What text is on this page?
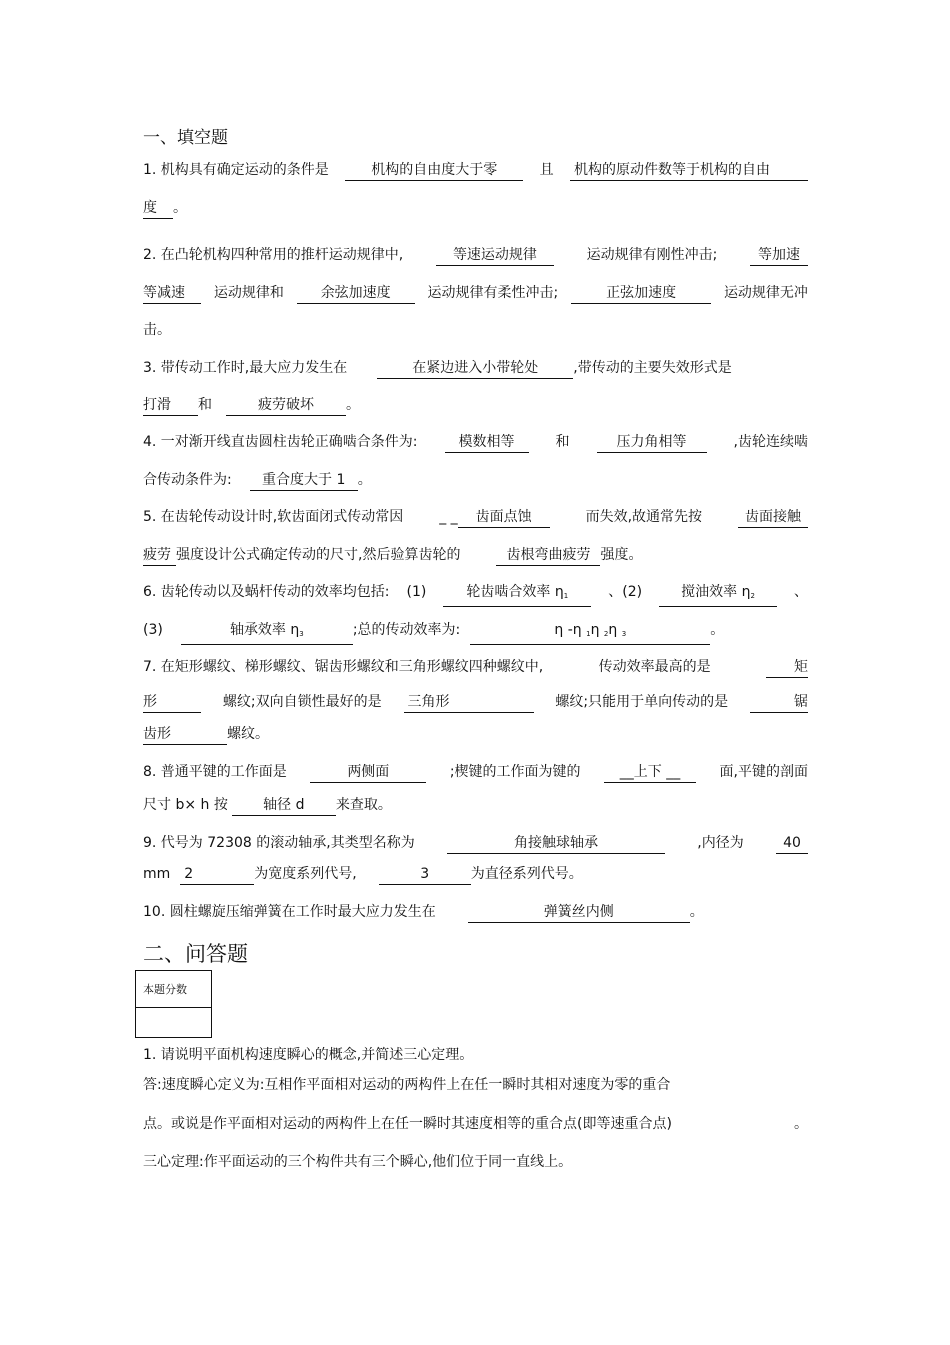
一、填空题
1. 机构具有确定运动的条件是	机构的自由度大于零	且 机构的原动件数等于机构的自由
度 。
2. 在凸轮机构四种常用的推杆运动规律中,	等速运动规律	运动规律有刚性冲击;	等加速
等减速	运动规律和	余弦加速度	运动规律有柔性冲击;	正弦加速度	运动规律无冲
击。
3. 带传动工作时,最大应力发生在	在紧边进入小带轮处	,带传动的主要失效形式是
打滑 和	疲劳破坏 。
4. 一对渐开线直齿圆柱齿轮正确啮合条件为:	模数相等	和	压力角相等	,齿轮连续啮
合传动条件为: 重合度大于 1 。
5. 在齿轮传动设计时,软齿面闭式传动常因	_ _ 齿面点蚀	而失效,故通常先按	齿面接触
疲劳 强度设计公式确定传动的尺寸,然后验算齿轮的	齿根弯曲疲劳 强度。
6. 齿轮传动以及蜗杆传动的效率均包括: (1)	轮齿啮合效率 $\eta_1$	、(2)	搅油效率 $\eta_2$	、
(3)	轴承效率 $\eta_3$	;总的传动效率为:	η -η $_1$η $_2$η $_3$	。
7. 在矩形螺纹、梯形螺纹、锯齿形螺纹和三角形螺纹四种螺纹中,	传动效率最高的是	矩
形	螺纹;双向自锁性最好的是 三角形	螺纹;只能用于单向传动的是	锯
齿形	螺纹。
8. 普通平键的工作面是	两侧面	;楔键的工作面为键的	__上下 __	面,平键的剖面
尺寸 b× h 按	轴径 d 来查取。
9. 代号为 72308 的滚动轴承,其类型名称为	角接触球轴承	,内径为	40
mm 2	为宽度系列代号,	3	为直径系列代号。
10. 圆柱螺旋压缩弹簧在工作时最大应力发生在	弹簧丝内侧	。
二、问答题
本题分数
1. 请说明平面机构速度瞬心的概念,并简述三心定理。
答:速度瞬心定义为:互相作平面相对运动的两构件上在任一瞬时其相对速度为零的重合
点。或说是作平面相对运动的两构件上在任一瞬时其速度相等的重合点(即等速重合点)	。
三心定理:作平面运动的三个构件共有三个瞬心,他们位于同一直线上。
